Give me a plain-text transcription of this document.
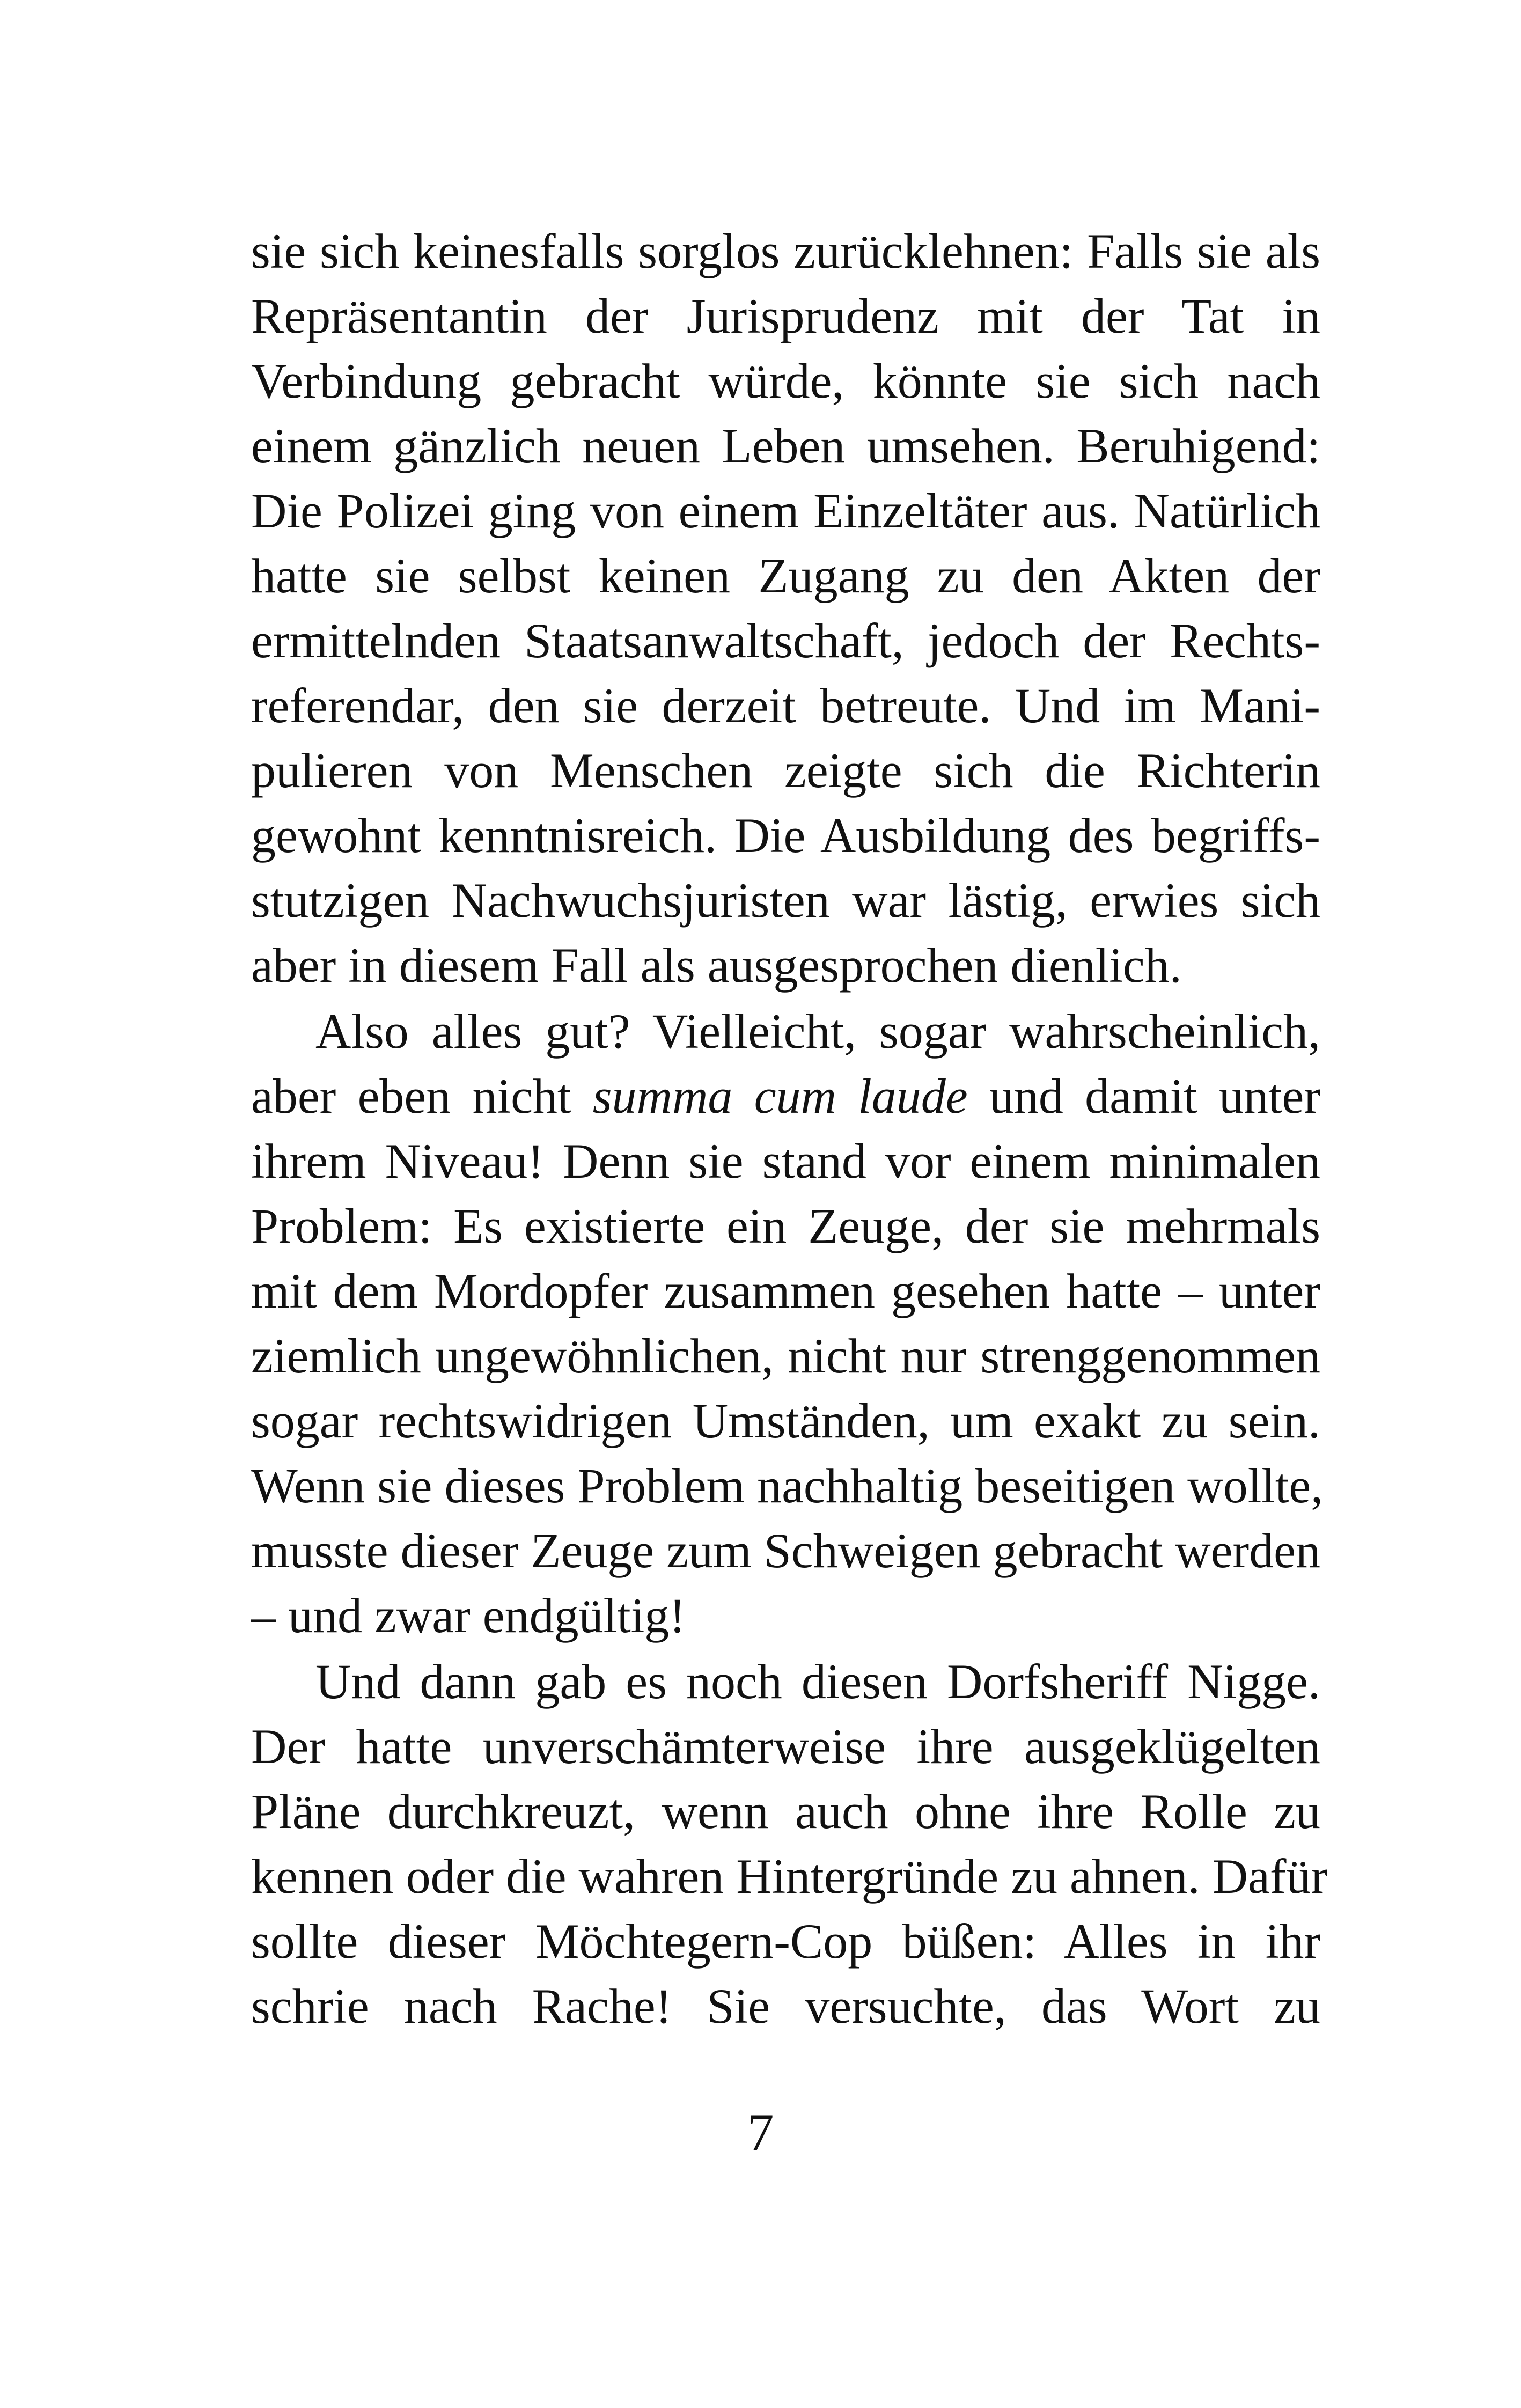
sie sich keinesfalls sorglos zurücklehnen: Falls sie als
Repräsentantin der Jurisprudenz mit der Tat in
Verbindung gebracht würde, könnte sie sich nach
einem gänzlich neuen Leben umsehen. Beruhigend:
Die Polizei ging von einem Einzeltäter aus. Natürlich
hatte sie selbst keinen Zugang zu den Akten der
ermittelnden Staatsanwaltschaft, jedoch der Rechts-
referendar, den sie derzeit betreute. Und im Mani-
pulieren von Menschen zeigte sich die Richterin
gewohnt kenntnisreich. Die Ausbildung des begriffs-
stutzigen Nachwuchsjuristen war lästig, erwies sich
aber in diesem Fall als ausgesprochen dienlich.
Also alles gut? Vielleicht, sogar wahrscheinlich,
aber eben nicht summa cum laude und damit unter
ihrem Niveau! Denn sie stand vor einem minimalen
Problem: Es existierte ein Zeuge, der sie mehrmals
mit dem Mordopfer zusammen gesehen hatte – unter
ziemlich ungewöhnlichen, nicht nur strenggenommen
sogar rechtswidrigen Umständen, um exakt zu sein.
Wenn sie dieses Problem nachhaltig beseitigen wollte,
musste dieser Zeuge zum Schweigen gebracht werden
– und zwar endgültig!
Und dann gab es noch diesen Dorfsheriff Nigge.
Der hatte unverschämterweise ihre ausgeklügelten
Pläne durchkreuzt, wenn auch ohne ihre Rolle zu
kennen oder die wahren Hintergründe zu ahnen. Dafür
sollte dieser Möchtegern-Cop büßen: Alles in ihr
schrie nach Rache! Sie versuchte, das Wort zu
7
